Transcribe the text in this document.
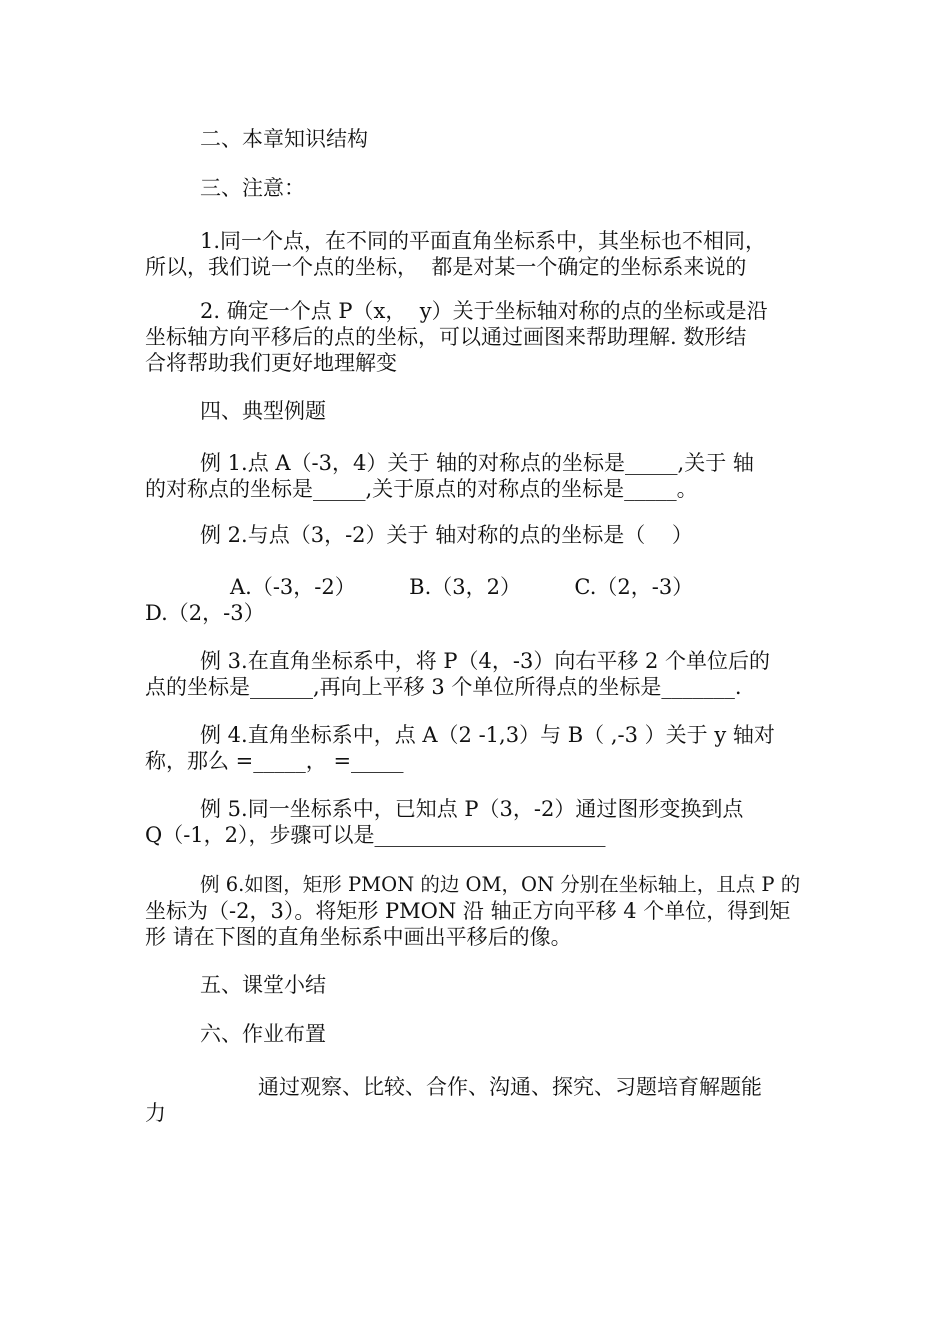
二、本章知识结构
三、注意：
1.同一个点，在不同的平面直角坐标系中，其坐标也不相同，
所以，我们说一个点的坐标，  都是对某一个确定的坐标系来说的
2. 确定一个点 P（x，  y）关于坐标轴对称的点的坐标或是沿
坐标轴方向平移后的点的坐标，可以通过画图来帮助理解. 数形结
合将帮助我们更好地理解变
四、典型例题
例 1.点 A（-3，4）关于 轴的对称点的坐标是_____,关于 轴
的对称点的坐标是_____,关于原点的对称点的坐标是_____。
例 2.与点（3，-2）关于 轴对称的点的坐标是（    ）
A.（-3，-2）        B.（3，2）        C.（2，-3）
D.（2，-3）
例 3.在直角坐标系中，将 P（4，-3）向右平移 2 个单位后的
点的坐标是______,再向上平移 3 个单位所得点的坐标是_______.
例 4.直角坐标系中，点 A（2 -1,3）与 B（ ,-3 ）关于 y 轴对
称，那么 =_____， =_____
例 5.同一坐标系中，已知点 P（3，-2）通过图形变换到点
Q（-1，2），步骤可以是______________________
例 6.如图，矩形 PMON 的边 OM，ON 分别在坐标轴上，且点 P 的
坐标为（-2，3）。将矩形 PMON 沿 轴正方向平移 4 个单位，得到矩
形 请在下图的直角坐标系中画出平移后的像。
五、课堂小结
六、作业布置
通过观察、比较、合作、沟通、探究、习题培育解题能
力
